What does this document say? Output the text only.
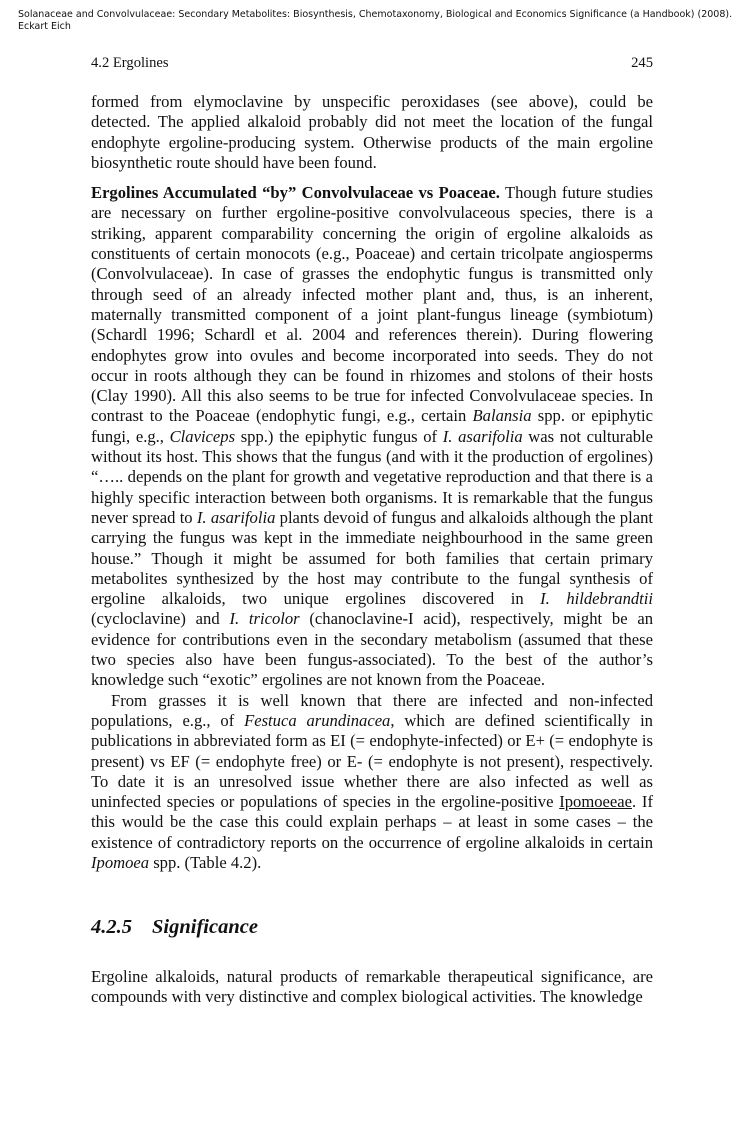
Solanaceae and Convolvulaceae: Secondary Metabolites: Biosynthesis, Chemotaxonomy, Biological and Economics Significance (a Handbook) (2008). Eckart Eich
4.2 Ergolines	245

formed from elymoclavine by unspecific peroxidases (see above), could be detected. The applied alkaloid probably did not meet the location of the fungal endophyte ergoline-producing system. Otherwise products of the main ergoline biosynthetic route should have been found.

Ergolines Accumulated “by” Convolvulaceae vs Poaceae. Though future studies are necessary on further ergoline-positive convolvulaceous species, there is a striking, apparent comparability concerning the origin of ergoline alkaloids as constituents of certain monocots (e.g., Poaceae) and certain tricolpate angiosperms (Convolvulaceae). In case of grasses the endophytic fungus is transmitted only through seed of an already infected mother plant and, thus, is an inherent, maternally transmitted component of a joint plant-fungus lineage (symbiotum) (Schardl 1996; Schardl et al. 2004 and references therein). During flowering endophytes grow into ovules and become incorporated into seeds. They do not occur in roots although they can be found in rhizomes and stolons of their hosts (Clay 1990). All this also seems to be true for infected Convolvulaceae species. In contrast to the Poaceae (endophytic fungi, e.g., certain Balansia spp. or epiphytic fungi, e.g., Claviceps spp.) the epiphytic fungus of I. asarifolia was not culturable without its host. This shows that the fungus (and with it the production of ergolines) “….. depends on the plant for growth and vegetative reproduction and that there is a highly specific interaction between both organisms. It is remarkable that the fungus never spread to I. asarifolia plants devoid of fungus and alkaloids although the plant carrying the fungus was kept in the immediate neighbourhood in the same green house.” Though it might be assumed for both families that certain primary metabolites synthesized by the host may contribute to the fungal synthesis of ergoline alkaloids, two unique ergolines discovered in I. hildebrandtii (cycloclavine) and I. tricolor (chanoclavine-I acid), respectively, might be an evidence for contributions even in the secondary metabolism (assumed that these two species also have been fungus-associated). To the best of the author’s knowledge such “exotic” ergolines are not known from the Poaceae.

From grasses it is well known that there are infected and non-infected populations, e.g., of Festuca arundinacea, which are defined scientifically in publications in abbreviated form as EI (= endophyte-infected) or E+ (= endophyte is present) vs EF (= endophyte free) or E- (= endophyte is not present), respectively. To date it is an unresolved issue whether there are also infected as well as uninfected species or populations of species in the ergoline-positive Ipomoeeae. If this would be the case this could explain perhaps – at least in some cases – the existence of contradictory reports on the occurrence of ergoline alkaloids in certain Ipomoea spp. (Table 4.2).

4.2.5 Significance

Ergoline alkaloids, natural products of remarkable therapeutical significance, are compounds with very distinctive and complex biological activities. The knowledge
